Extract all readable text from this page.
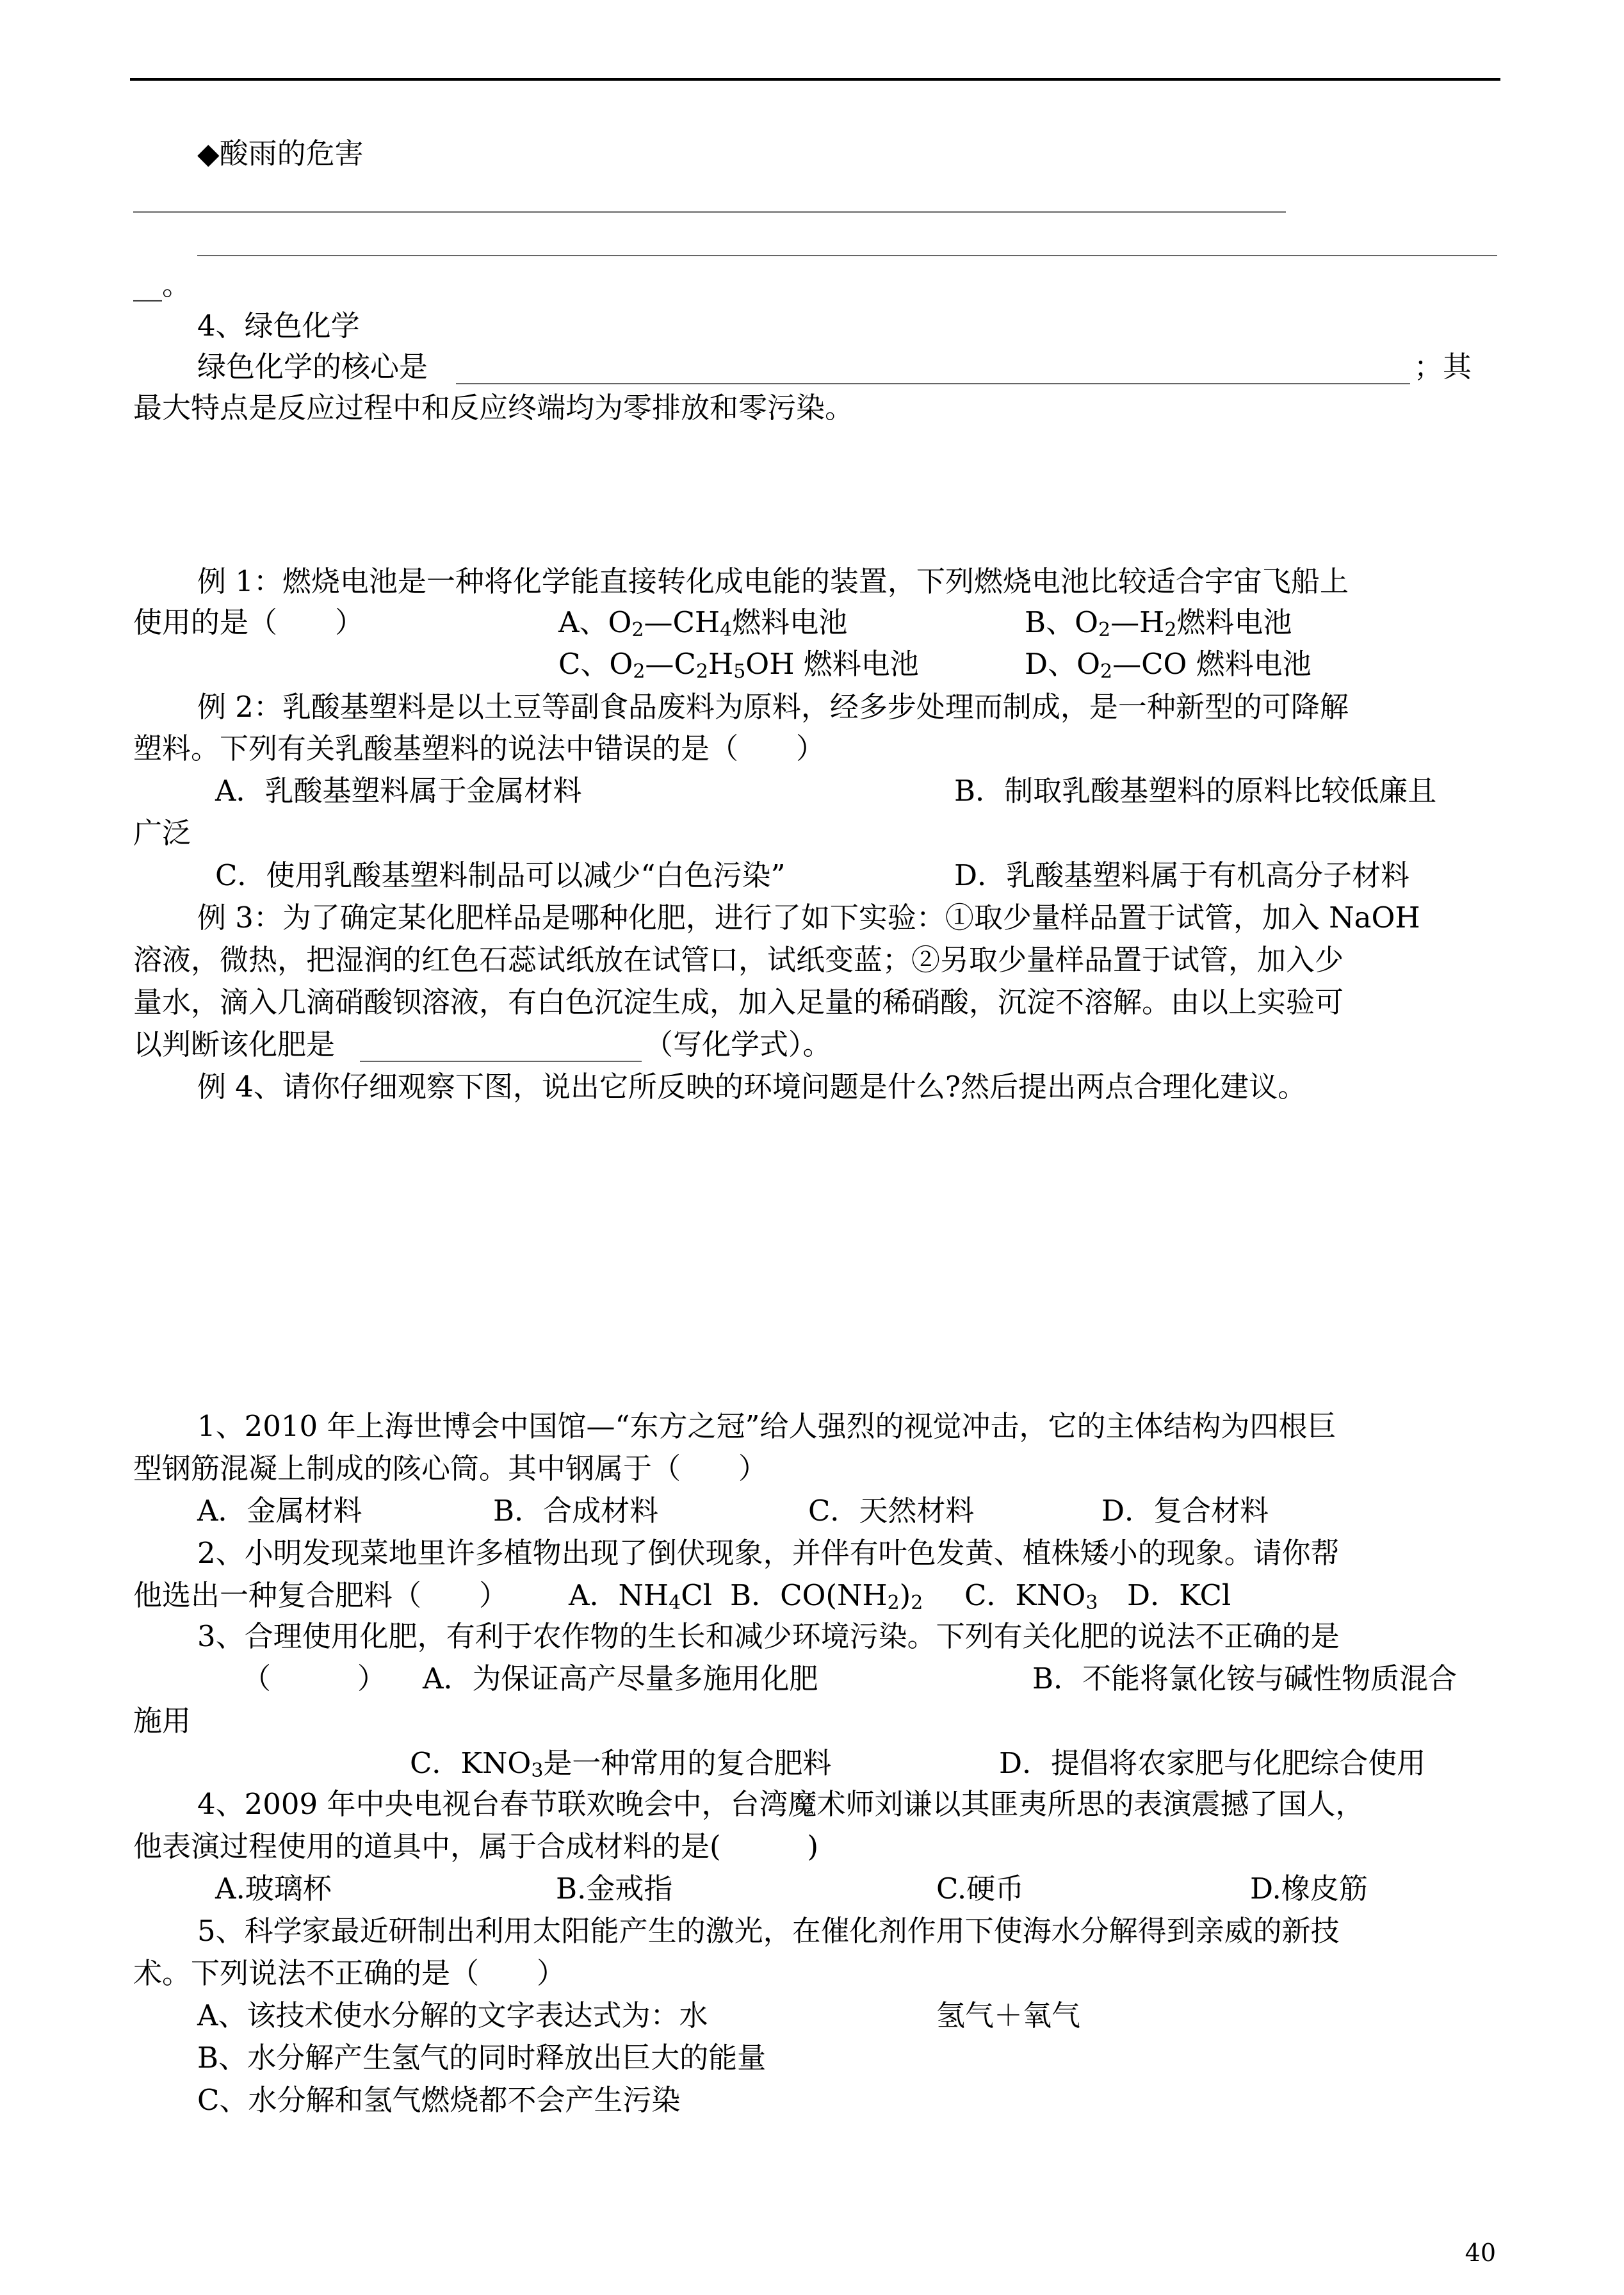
◆酸雨的危害
__。
4、绿色化学
绿色化学的核心是	；其
最大特点是反应过程中和反应终端均为零排放和零污染。
例 1：燃烧电池是一种将化学能直接转化成电能的装置，下列燃烧电池比较适合宇宙飞船上
使用的是（　　）	A、$O_2—CH_4$燃料电池	B、$O_2—H_2$燃料电池
C、$O_2—C_2H_5OH$ 燃料电池	D、$O_2—CO$ 燃料电池
例 2：乳酸基塑料是以土豆等副食品废料为原料，经多步处理而制成，是一种新型的可降解
塑料。下列有关乳酸基塑料的说法中错误的是（　　）
A．乳酸基塑料属于金属材料	B．制取乳酸基塑料的原料比较低廉且
广泛
C．使用乳酸基塑料制品可以减少“白色污染”	D．乳酸基塑料属于有机高分子材料
例 3：为了确定某化肥样品是哪种化肥，进行了如下实验：①取少量样品置于试管，加入 NaOH
溶液，微热，把湿润的红色石蕊试纸放在试管口，试纸变蓝；②另取少量样品置于试管，加入少
量水，滴入几滴硝酸钡溶液，有白色沉淀生成，加入足量的稀硝酸，沉淀不溶解。由以上实验可
以判断该化肥是	（写化学式）。
例 4、请你仔细观察下图，说出它所反映的环境问题是什么?然后提出两点合理化建议。
1、2010 年上海世博会中国馆—“东方之冠”给人强烈的视觉冲击，它的主体结构为四根巨
型钢筋混凝上制成的陔心筒。其中钢属于（　　）
A．金属材料	B．合成材料	C．天然材料	D．复合材料
2、小明发现菜地里许多植物出现了倒伏现象，并伴有叶色发黄、植株矮小的现象。请你帮
他选出一种复合肥料（　　） A．$NH_4Cl$ B．$CO(NH_2)_2$ C．$KNO_3$ D．KCl
3、合理使用化肥，有利于农作物的生长和减少环境污染。下列有关化肥的说法不正确的是
（　　　） A．为保证高产尽量多施用化肥	B．不能将氯化铵与碱性物质混合
施用
C．$KNO_3$是一种常用的复合肥料	D．提倡将农家肥与化肥综合使用
4、2009 年中央电视台春节联欢晚会中，台湾魔术师刘谦以其匪夷所思的表演震撼了国人，
他表演过程使用的道具中，属于合成材料的是(　　　)
A.玻璃杯	B.金戒指	C.硬币	D.橡皮筋
5、科学家最近研制出利用太阳能产生的激光，在催化剂作用下使海水分解得到亲威的新技
术。下列说法不正确的是（　　）
A、该技术使水分解的文字表达式为：水	氢气＋氧气
B、水分解产生氢气的同时释放出巨大的能量
C、水分解和氢气燃烧都不会产生污染
40
